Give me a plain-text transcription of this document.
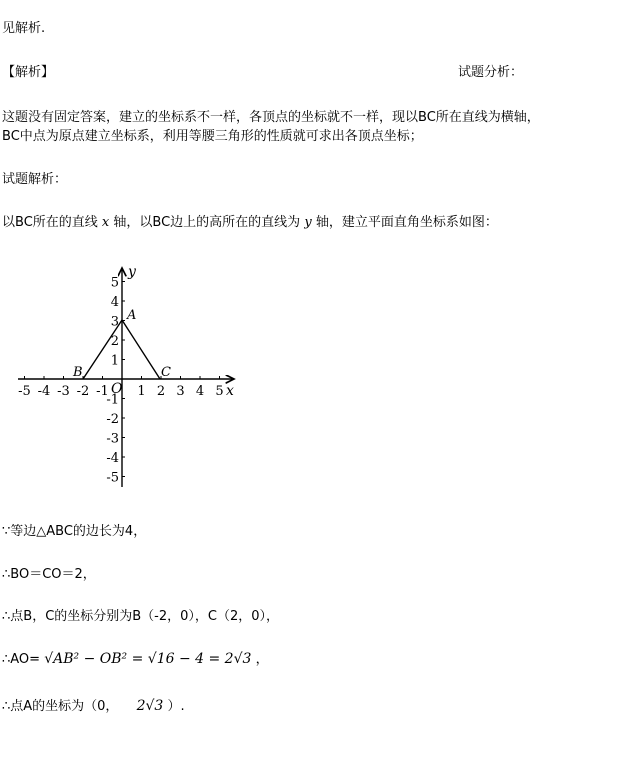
见解析.
【解析】	试题分析：
这题没有固定答案，建立的坐标系不一样，各顶点的坐标就不一样，现以BC所在直线为横轴，
BC中点为原点建立坐标系，利用等腰三角形的性质就可求出各顶点坐标；
试题解析：
以BC所在的直线 x 轴，以BC边上的高所在的直线为 y 轴，建立平面直角坐标系如图：
x
y
O
A
B	C
-5 -4 -3 -2 -1 1 2 3 4 5
5
4
3
2
1
-1
-2
-3
-4
-5
∵等边△ABC的边长为4，
∴BO＝CO＝2，
∴点B，C的坐标分别为B（-2，0），C（2，0），
∴AO= √AB² − OB² = √16 − 4 = 2√3 ，
∴点A的坐标为（0， 2√3 ）.
